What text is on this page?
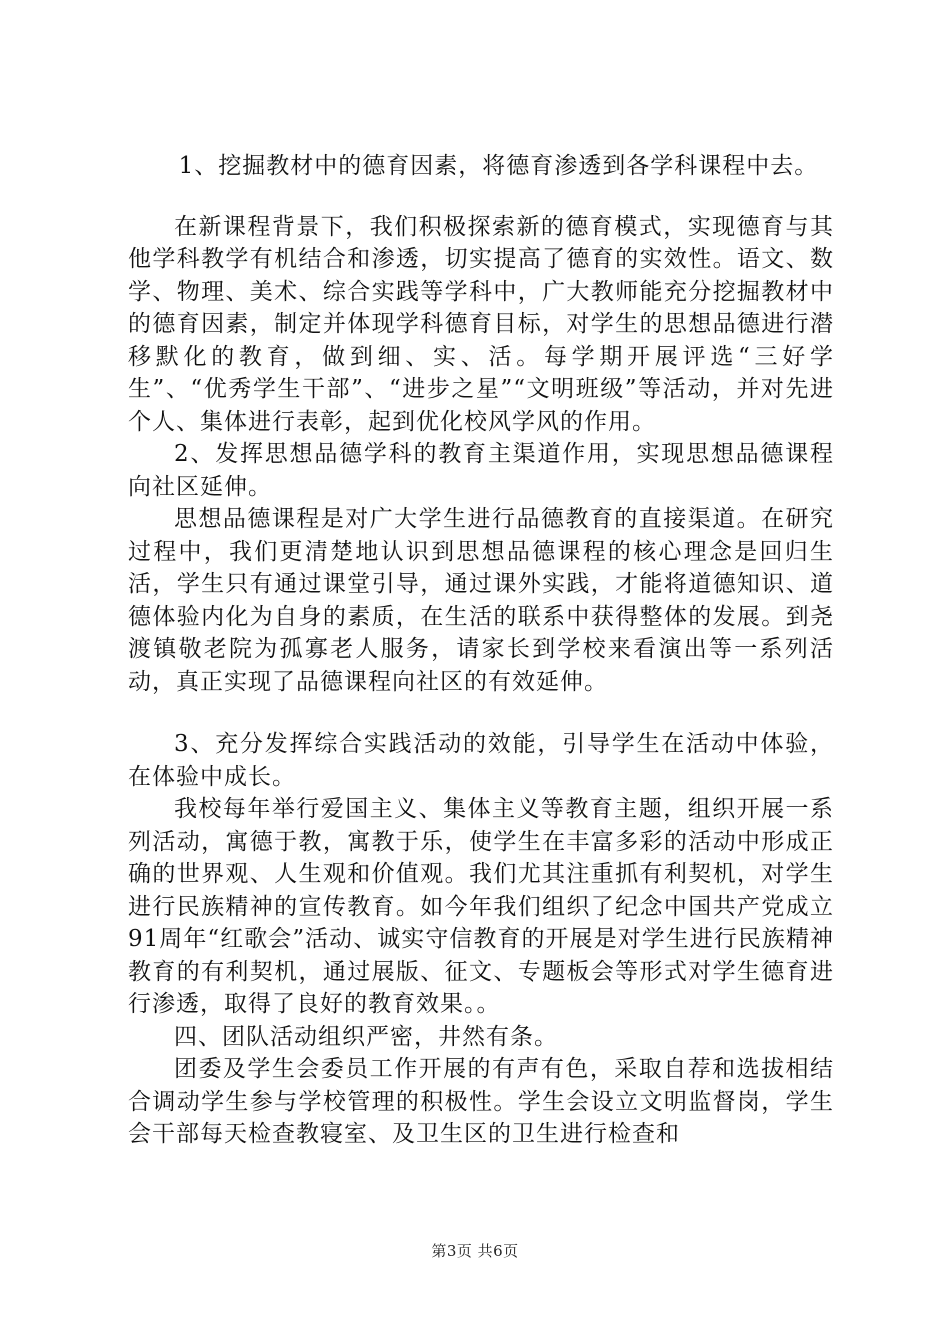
1、挖掘教材中的德育因素，将德育渗透到各学科课程中去。

在新课程背景下，我们积极探索新的德育模式，实现德育与其他学科教学有机结合和渗透，切实提高了德育的实效性。语文、数学、物理、美术、综合实践等学科中，广大教师能充分挖掘教材中的德育因素，制定并体现学科德育目标，对学生的思想品德进行潜移默化的教育，做到细、实、活。每学期开展评选“三好学生”、“优秀学生干部”、“进步之星”“文明班级”等活动，并对先进个人、集体进行表彰，起到优化校风学风的作用。

2、发挥思想品德学科的教育主渠道作用，实现思想品德课程向社区延伸。

思想品德课程是对广大学生进行品德教育的直接渠道。在研究过程中，我们更清楚地认识到思想品德课程的核心理念是回归生活，学生只有通过课堂引导，通过课外实践，才能将道德知识、道德体验内化为自身的素质，在生活的联系中获得整体的发展。到尧渡镇敬老院为孤寡老人服务，请家长到学校来看演出等一系列活动，真正实现了品德课程向社区的有效延伸。

3、充分发挥综合实践活动的效能，引导学生在活动中体验，在体验中成长。

我校每年举行爱国主义、集体主义等教育主题，组织开展一系列活动，寓德于教，寓教于乐，使学生在丰富多彩的活动中形成正确的世界观、人生观和价值观。我们尤其注重抓有利契机，对学生进行民族精神的宣传教育。如今年我们组织了纪念中国共产党成立91周年“红歌会”活动、诚实守信教育的开展是对学生进行民族精神教育的有利契机，通过展版、征文、专题板会等形式对学生德育进行渗透，取得了良好的教育效果。。

四、团队活动组织严密，井然有条。

团委及学生会委员工作开展的有声有色，采取自荐和选拔相结合调动学生参与学校管理的积极性。学生会设立文明监督岗，学生会干部每天检查教寝室、及卫生区的卫生进行检查和

第3页 共6页
